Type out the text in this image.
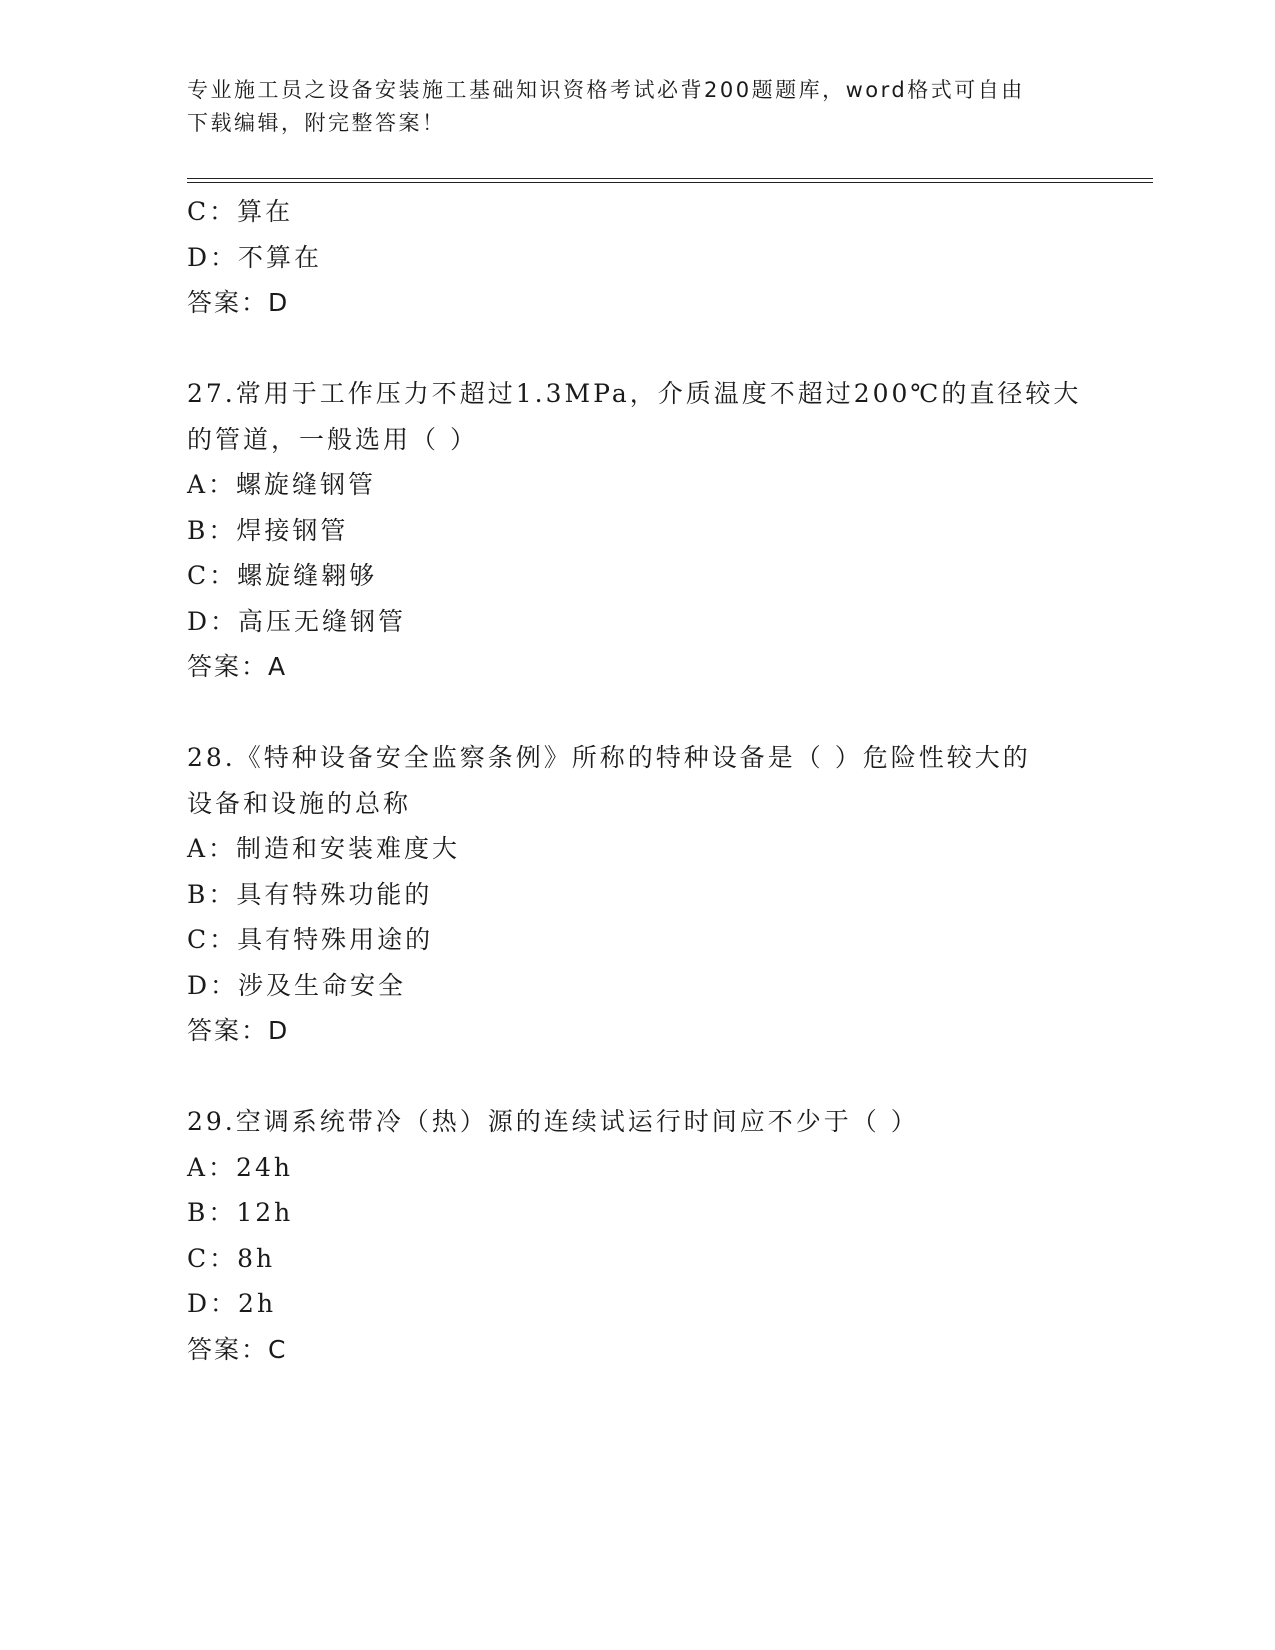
专业施工员之设备安装施工基础知识资格考试必背200题题库，word格式可自由
下载编辑，附完整答案！
C：算在
D：不算在
答案：D
27.常用于工作压力不超过1.3MPa，介质温度不超过200℃的直径较大
的管道，一般选用（ ）
A：螺旋缝钢管
B：焊接钢管
C：螺旋缝翱够
D：高压无缝钢管
答案：A
28.《特种设备安全监察条例》所称的特种设备是（ ）危险性较大的
设备和设施的总称
A：制造和安装难度大
B：具有特殊功能的
C：具有特殊用途的
D：涉及生命安全
答案：D
29.空调系统带冷（热）源的连续试运行时间应不少于（ ）
A：24h
B：12h
C：8h
D：2h
答案：C
